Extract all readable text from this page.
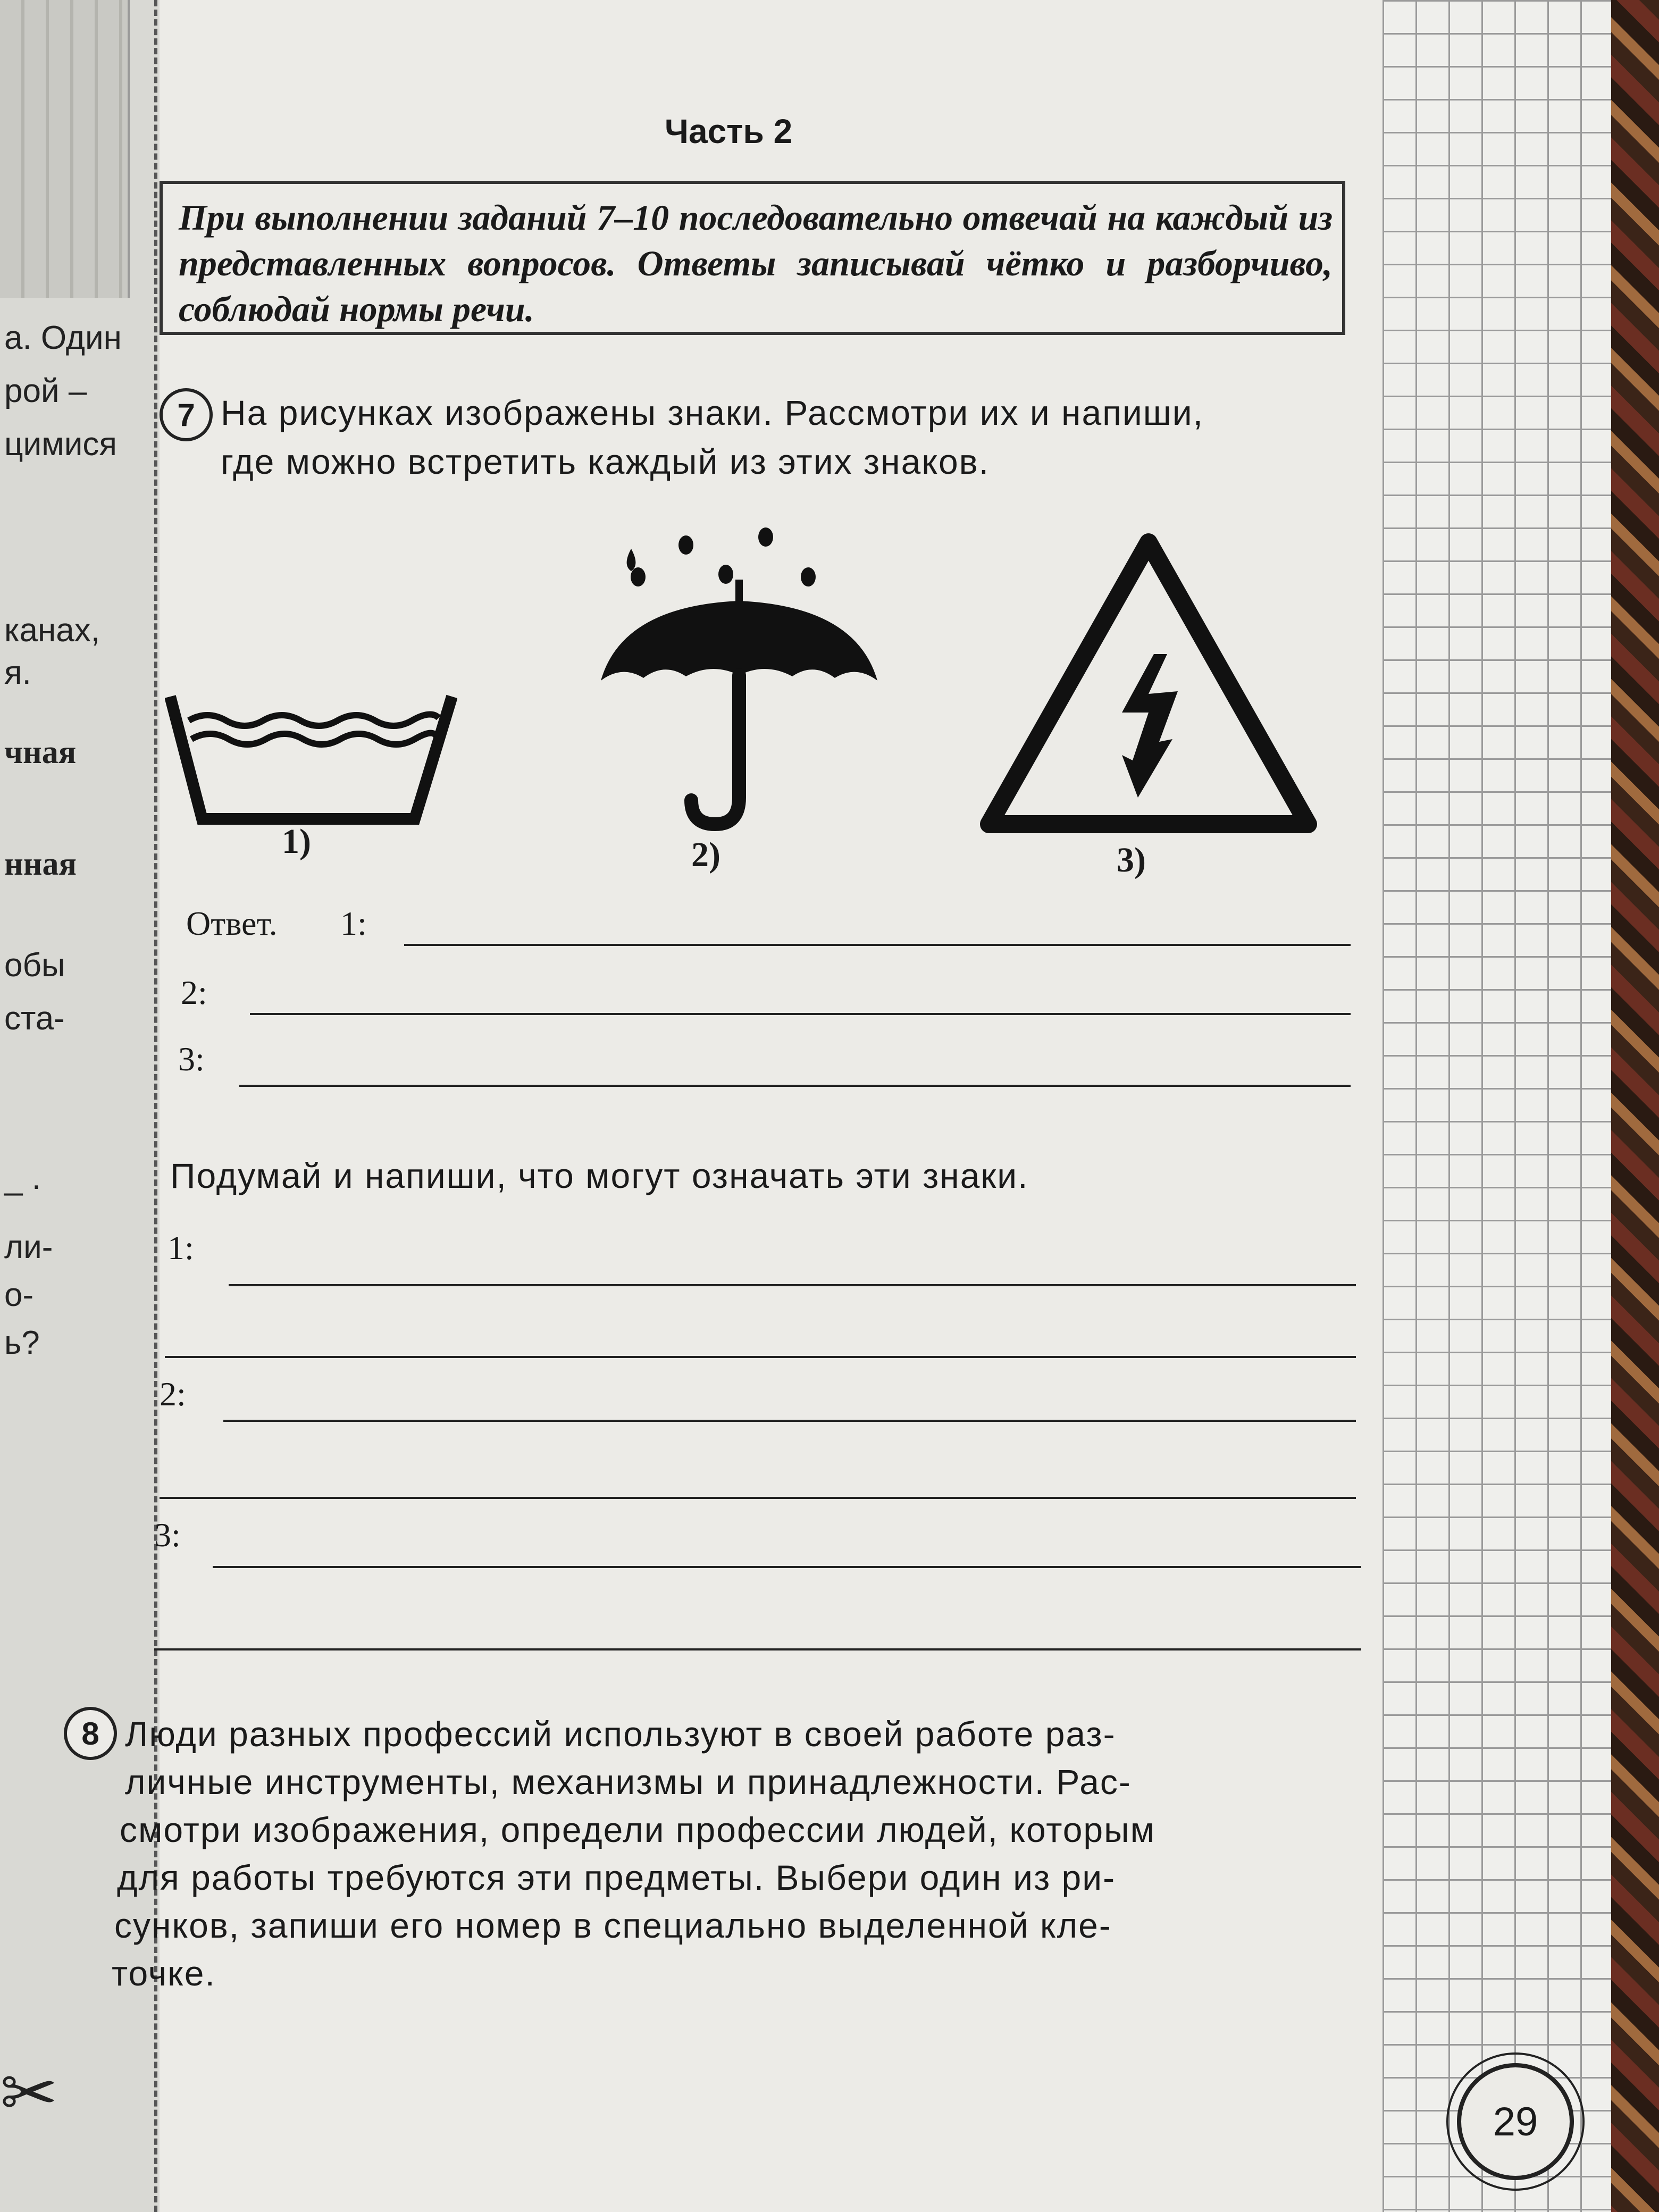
а. Один
рой –
цимися
канах,
я.
чная
нная
обы
ста-
_ .
ли-
о-
ь?
✂
Часть 2
При выполнении заданий 7–10 последовательно отвечай на каждый из представленных вопросов. Ответы записывай чётко и разборчиво, соблюдай нормы речи.
7 На рисунках изображены знаки. Рассмотри их и напиши,
где можно встретить каждый из этих знаков.
1)	2)	3)
Ответ. 1:
2:
3:
Подумай и напиши, что могут означать эти знаки.
1:
2:
3:
8 Люди разных профессий используют в своей работе раз-
личные инструменты, механизмы и принадлежности. Рас-
смотри изображения, определи профессии людей, которым
для работы требуются эти предметы. Выбери один из ри-
сунков, запиши его номер в специально выделенной кле-
точке.
29
